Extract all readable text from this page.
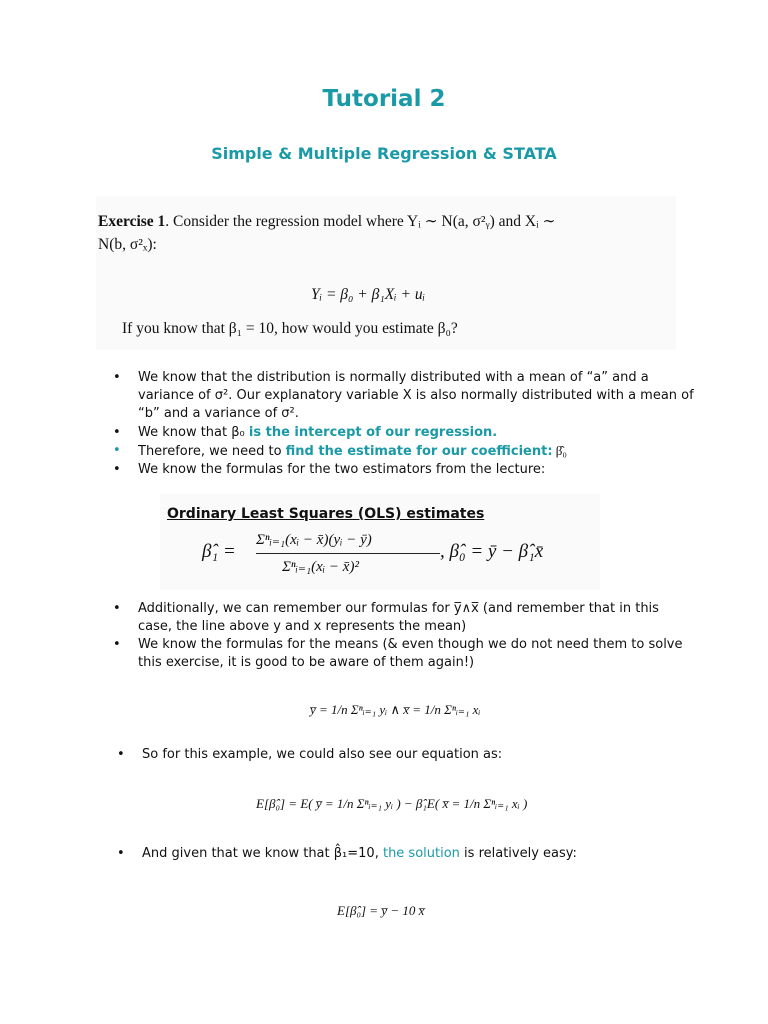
Tutorial 2
Simple & Multiple Regression & STATA
Exercise 1. Consider the regression model where Yᵢ ∼ N(a, σ²ᵧ) and Xᵢ ∼
N(b, σ²ₓ):
Yᵢ = β₀ + β₁Xᵢ + uᵢ
If you know that β₁ = 10, how would you estimate β₀?
• We know that the distribution is normally distributed with a mean of “a” and a
variance of σ². Our explanatory variable X is also normally distributed with a mean of
“b” and a variance of σ².
• We know that β₀ is the intercept of our regression.
• Therefore, we need to find the estimate for our coefficient: β̂₀
• We know the formulas for the two estimators from the lecture:
Ordinary Least Squares (OLS) estimates
β̂₁ =
Σⁿᵢ₌₁(xᵢ − x̄)(yᵢ − ȳ)
Σⁿᵢ₌₁(xᵢ − x̄)²
, β̂₀ = ȳ − β̂₁x̄
• Additionally, we can remember our formulas for y̅∧x̅ (and remember that in this
case, the line above y and x represents the mean)
• We know the formulas for the means (& even though we do not need them to solve
this exercise, it is good to be aware of them again!)
y̅ = 1/n Σⁿᵢ₌₁ yᵢ ∧ x̅ = 1/n Σⁿᵢ₌₁ xᵢ
• So for this example, we could also see our equation as:
E[β̂₀] = E( y̅ = 1/n Σⁿᵢ₌₁ yᵢ ) − β̂₁E( x̅ = 1/n Σⁿᵢ₌₁ xᵢ )
• And given that we know that β̂₁=10, the solution is relatively easy:
E[β̂₀] = y̅ − 10 x̅
